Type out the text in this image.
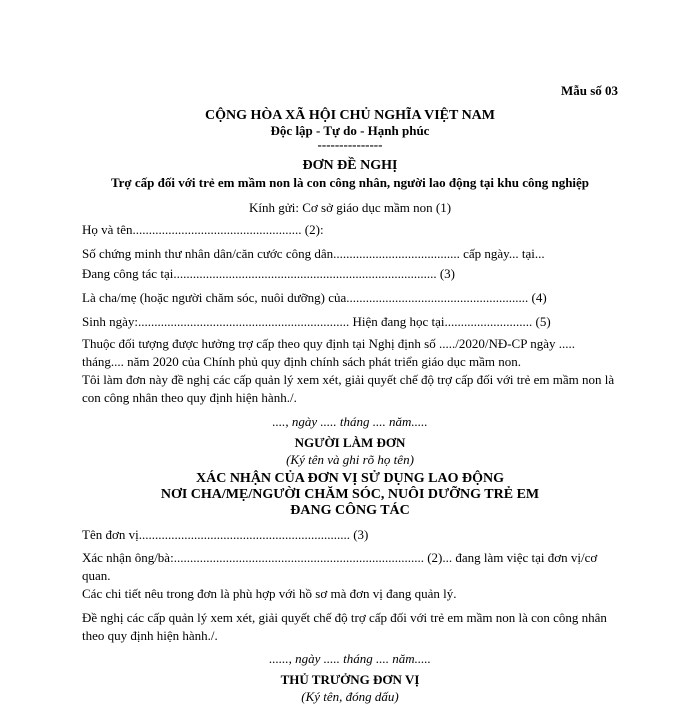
Mẫu số 03
CỘNG HÒA XÃ HỘI CHỦ NGHĨA VIỆT NAM
Độc lập - Tự do - Hạnh phúc
---------------
ĐƠN ĐỀ NGHỊ
Trợ cấp đối với trẻ em mầm non là con công nhân, người lao động tại khu công nghiệp
Kính gửi: Cơ sở giáo dục mầm non (1)
Họ và tên.................................................... (2):
Số chứng minh thư nhân dân/căn cước công dân....................................... cấp ngày... tại...
Đang công tác tại................................................................................. (3)
Là cha/mẹ (hoặc người chăm sóc, nuôi dưỡng) của........................................................ (4)
Sinh ngày:................................................................. Hiện đang học tại........................... (5)
Thuộc đối tượng được hưởng trợ cấp theo quy định tại Nghị định số ...../2020/NĐ-CP ngày ..... tháng.... năm 2020 của Chính phủ quy định chính sách phát triển giáo dục mầm non.
Tôi làm đơn này đề nghị các cấp quản lý xem xét, giải quyết chế độ trợ cấp đối với trẻ em mầm non là con công nhân theo quy định hiện hành./.
...., ngày ..... tháng .... năm.....
NGƯỜI LÀM ĐƠN
(Ký tên và ghi rõ họ tên)
XÁC NHẬN CỦA ĐƠN VỊ SỬ DỤNG LAO ĐỘNG
NƠI CHA/MẸ/NGƯỜI CHĂM SÓC, NUÔI DƯỠNG TRẺ EM
ĐANG CÔNG TÁC
Tên đơn vị................................................................. (3)
Xác nhận ông/bà:............................................................................. (2)... đang làm việc tại đơn vị/cơ quan.
Các chi tiết nêu trong đơn là phù hợp với hồ sơ mà đơn vị đang quản lý.
Đề nghị các cấp quản lý xem xét, giải quyết chế độ trợ cấp đối với trẻ em mầm non là con công nhân theo quy định hiện hành./.
......, ngày ..... tháng .... năm.....
THỦ TRƯỞNG ĐƠN VỊ
(Ký tên, đóng dấu)
